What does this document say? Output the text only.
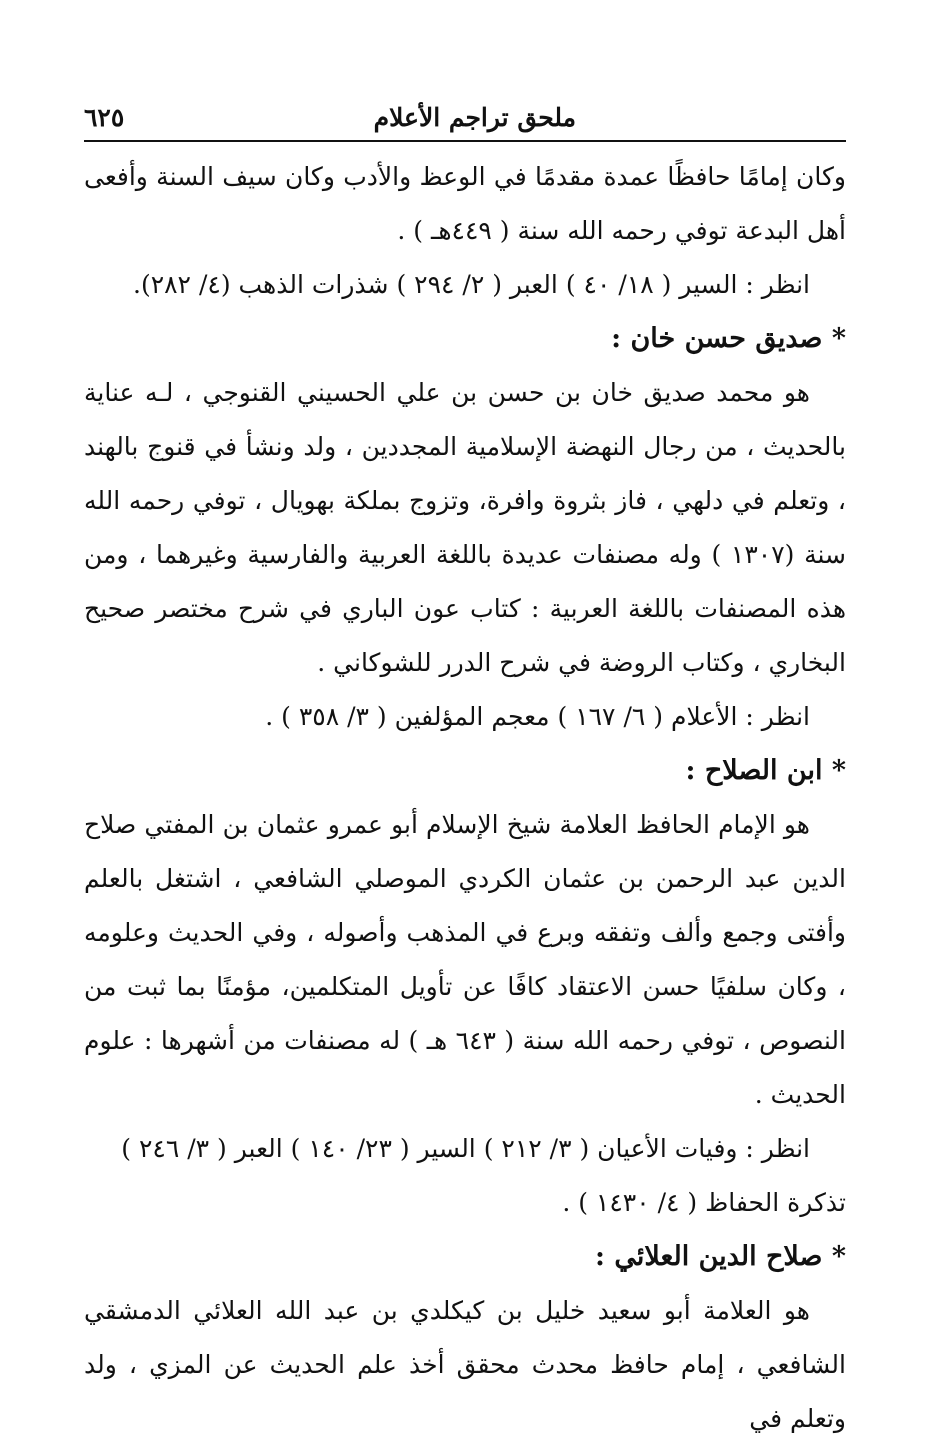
ملحق تراجم الأعلام
٦٢٥

وكان إمامًا حافظًا عمدة مقدمًا في الوعظ والأدب وكان سيف السنة وأفعى أهل البدعة توفي رحمه الله سنة ( ٤٤٩هـ ) .

انظر : السير ( ١٨/ ٤٠ ) العبر ( ٢/ ٢٩٤ ) شذرات الذهب (٤/ ٢٨٢).

* صديق حسن خان :

هو محمد صديق خان بن حسن بن علي الحسيني القنوجي ، لـه عناية بالحديث ، من رجال النهضة الإسلامية المجددين ، ولد ونشأ في قنوج بالهند ، وتعلم في دلهي ، فاز بثروة وافرة، وتزوج بملكة بهويال ، توفي رحمه الله سنة (١٣٠٧ ) وله مصنفات عديدة باللغة العربية والفارسية وغيرهما ، ومن هذه المصنفات باللغة العربية : كتاب عون الباري في شرح مختصر صحيح البخاري ، وكتاب الروضة في شرح الدرر للشوكاني .

انظر : الأعلام ( ٦/ ١٦٧ ) معجم المؤلفين ( ٣/ ٣٥٨ ) .

* ابن الصلاح :

هو الإمام الحافظ العلامة شيخ الإسلام أبو عمرو عثمان بن المفتي صلاح الدين عبد الرحمن بن عثمان الكردي الموصلي الشافعي ، اشتغل بالعلم وأفتى وجمع وألف وتفقه وبرع في المذهب وأصوله ، وفي الحديث وعلومه ، وكان سلفيًا حسن الاعتقاد كافًا عن تأويل المتكلمين، مؤمنًا بما ثبت من النصوص ، توفي رحمه الله سنة ( ٦٤٣ هـ ) له مصنفات من أشهرها : علوم الحديث .

انظر : وفيات الأعيان ( ٣/ ٢١٢ ) السير ( ٢٣/ ١٤٠ ) العبر ( ٣/ ٢٤٦ ) تذكرة الحفاظ ( ٤/ ١٤٣٠ ) .

* صلاح الدين العلائي :

هو العلامة أبو سعيد خليل بن كيكلدي بن عبد الله العلائي الدمشقي الشافعي ، إمام حافظ محدث محقق أخذ علم الحديث عن المزي ، ولد وتعلم في
